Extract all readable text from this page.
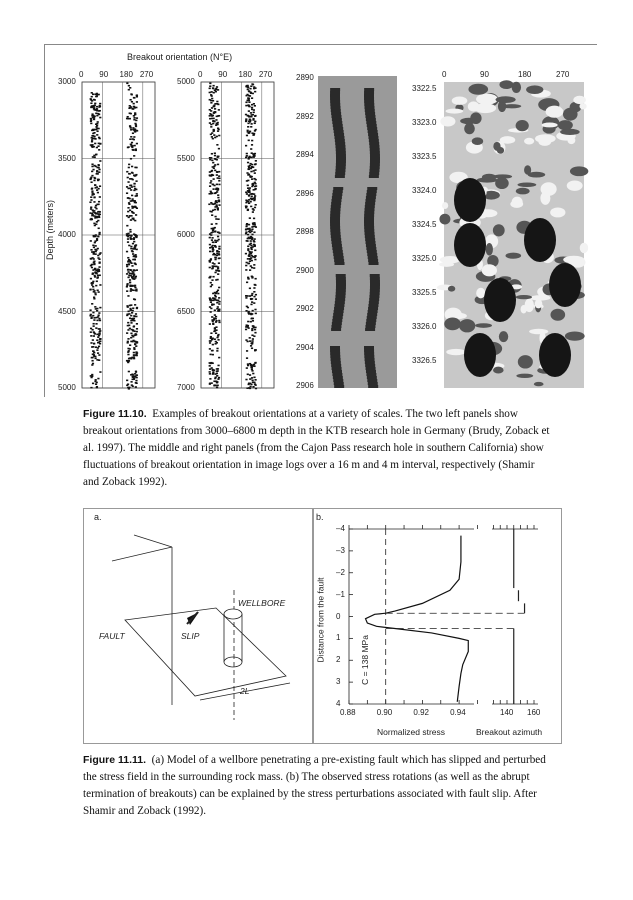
Breakout orientation (N°E)
Depth (meters)
0 90 180 270
3000
3500
4000
4500
5000
0 90 180 270
5000
5500
6000
6500
7000
2890
2892
2894
2896
2898
2900
2902
2904
2906
0	90	180	270
3322.5
3323.0
3323.5
3324.0
3324.5
3325.0
3325.5
3326.0
3326.5
Figure 11.10. Examples of breakout orientations at a variety of scales. The two left panels show breakout orientations from 3000–6800 m depth in the KTB research hole in Germany (Brudy, Zoback et al. 1997). The middle and right panels (from the Cajon Pass research hole in southern California) show fluctuations of breakout orientation in image logs over a 16 m and 4 m interval, respectively (Shamir and Zoback 1992).
a.
WELLBORE
FAULT	SLIP
2L
b.
C = 138 MPa
Distance from the fault
Normalized stress	Breakout azimuth
0.88	0.90	0.92	0.94
–4
–3
–2
–1
0
1
2
3
4
140 160
Figure 11.11. (a) Model of a wellbore penetrating a pre-existing fault which has slipped and perturbed the stress field in the surrounding rock mass. (b) The observed stress rotations (as well as the abrupt termination of breakouts) can be explained by the stress perturbations associated with fault slip. After Shamir and Zoback (1992).
